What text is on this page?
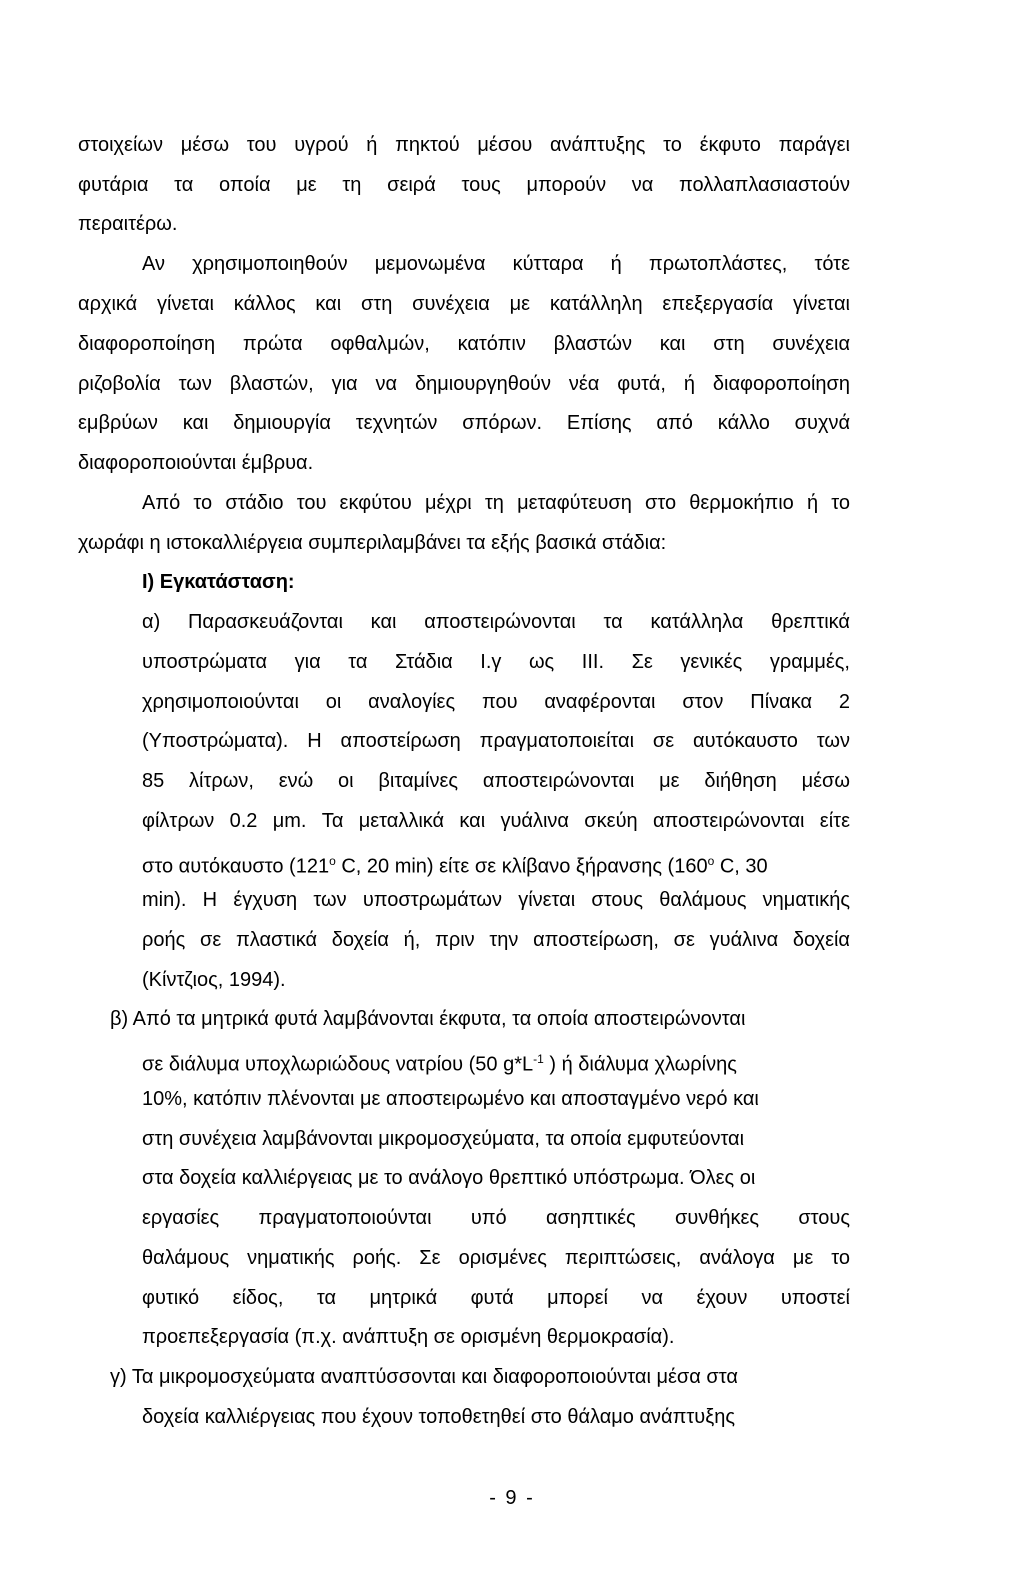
στοιχείων μέσω του υγρού ή πηκτού μέσου ανάπτυξης το έκφυτο παράγει
φυτάρια τα οποία με τη σειρά τους μπορούν να πολλαπλασιαστούν
περαιτέρω.
Αν χρησιμοποιηθούν μεμονωμένα κύτταρα ή πρωτοπλάστες, τότε
αρχικά γίνεται κάλλος και στη συνέχεια με κατάλληλη επεξεργασία γίνεται
διαφοροποίηση πρώτα οφθαλμών, κατόπιν βλαστών και στη συνέχεια
ριζοβολία των βλαστών, για να δημιουργηθούν νέα φυτά, ή διαφοροποίηση
εμβρύων και δημιουργία τεχνητών σπόρων. Επίσης από κάλλο συχνά
διαφοροποιούνται έμβρυα.
Από το στάδιο του εκφύτου μέχρι τη μεταφύτευση στο θερμοκήπιο ή το
χωράφι η ιστοκαλλιέργεια συμπεριλαμβάνει τα εξής βασικά στάδια:
Ι) Εγκατάσταση:
α) Παρασκευάζονται και αποστειρώνονται τα κατάλληλα θρεπτικά
υποστρώματα για τα Στάδια Ι.γ ως ΙΙΙ. Σε γενικές γραμμές,
χρησιμοποιούνται οι αναλογίες που αναφέρονται στον Πίνακα 2
(Υποστρώματα). Η αποστείρωση πραγματοποιείται σε αυτόκαυστο των
85 λίτρων, ενώ οι βιταμίνες αποστειρώνονται με διήθηση μέσω
φίλτρων 0.2 μm. Τα μεταλλικά και γυάλινα σκεύη αποστειρώνονται είτε
στο αυτόκαυστο ($121^o$ C, 20 min) είτε σε κλίβανο ξήρανσης ($160^o$ C, 30
min). Η έγχυση των υποστρωμάτων γίνεται στους θαλάμους νηματικής
ροής σε πλαστικά δοχεία ή, πριν την αποστείρωση, σε γυάλινα δοχεία
(Κίντζιος, 1994).
β) Από τα μητρικά φυτά λαμβάνονται έκφυτα, τα οποία αποστειρώνονται
σε διάλυμα υποχλωριώδους νατρίου (50 $g*L^{-1}$ ) ή διάλυμα χλωρίνης
10%, κατόπιν πλένονται με αποστειρωμένο και αποσταγμένο νερό και
στη συνέχεια λαμβάνονται μικρομοσχεύματα, τα οποία εμφυτεύονται
στα δοχεία καλλιέργειας με το ανάλογο θρεπτικό υπόστρωμα. Όλες οι
εργασίες πραγματοποιούνται υπό ασηπτικές συνθήκες στους
θαλάμους νηματικής ροής. Σε ορισμένες περιπτώσεις, ανάλογα με το
φυτικό είδος, τα μητρικά φυτά μπορεί να έχουν υποστεί
προεπεξεργασία (π.χ. ανάπτυξη σε ορισμένη θερμοκρασία).
γ) Τα μικρομοσχεύματα αναπτύσσονται και διαφοροποιούνται μέσα στα
δοχεία καλλιέργειας που έχουν τοποθετηθεί στο θάλαμο ανάπτυξης
- 9 -
